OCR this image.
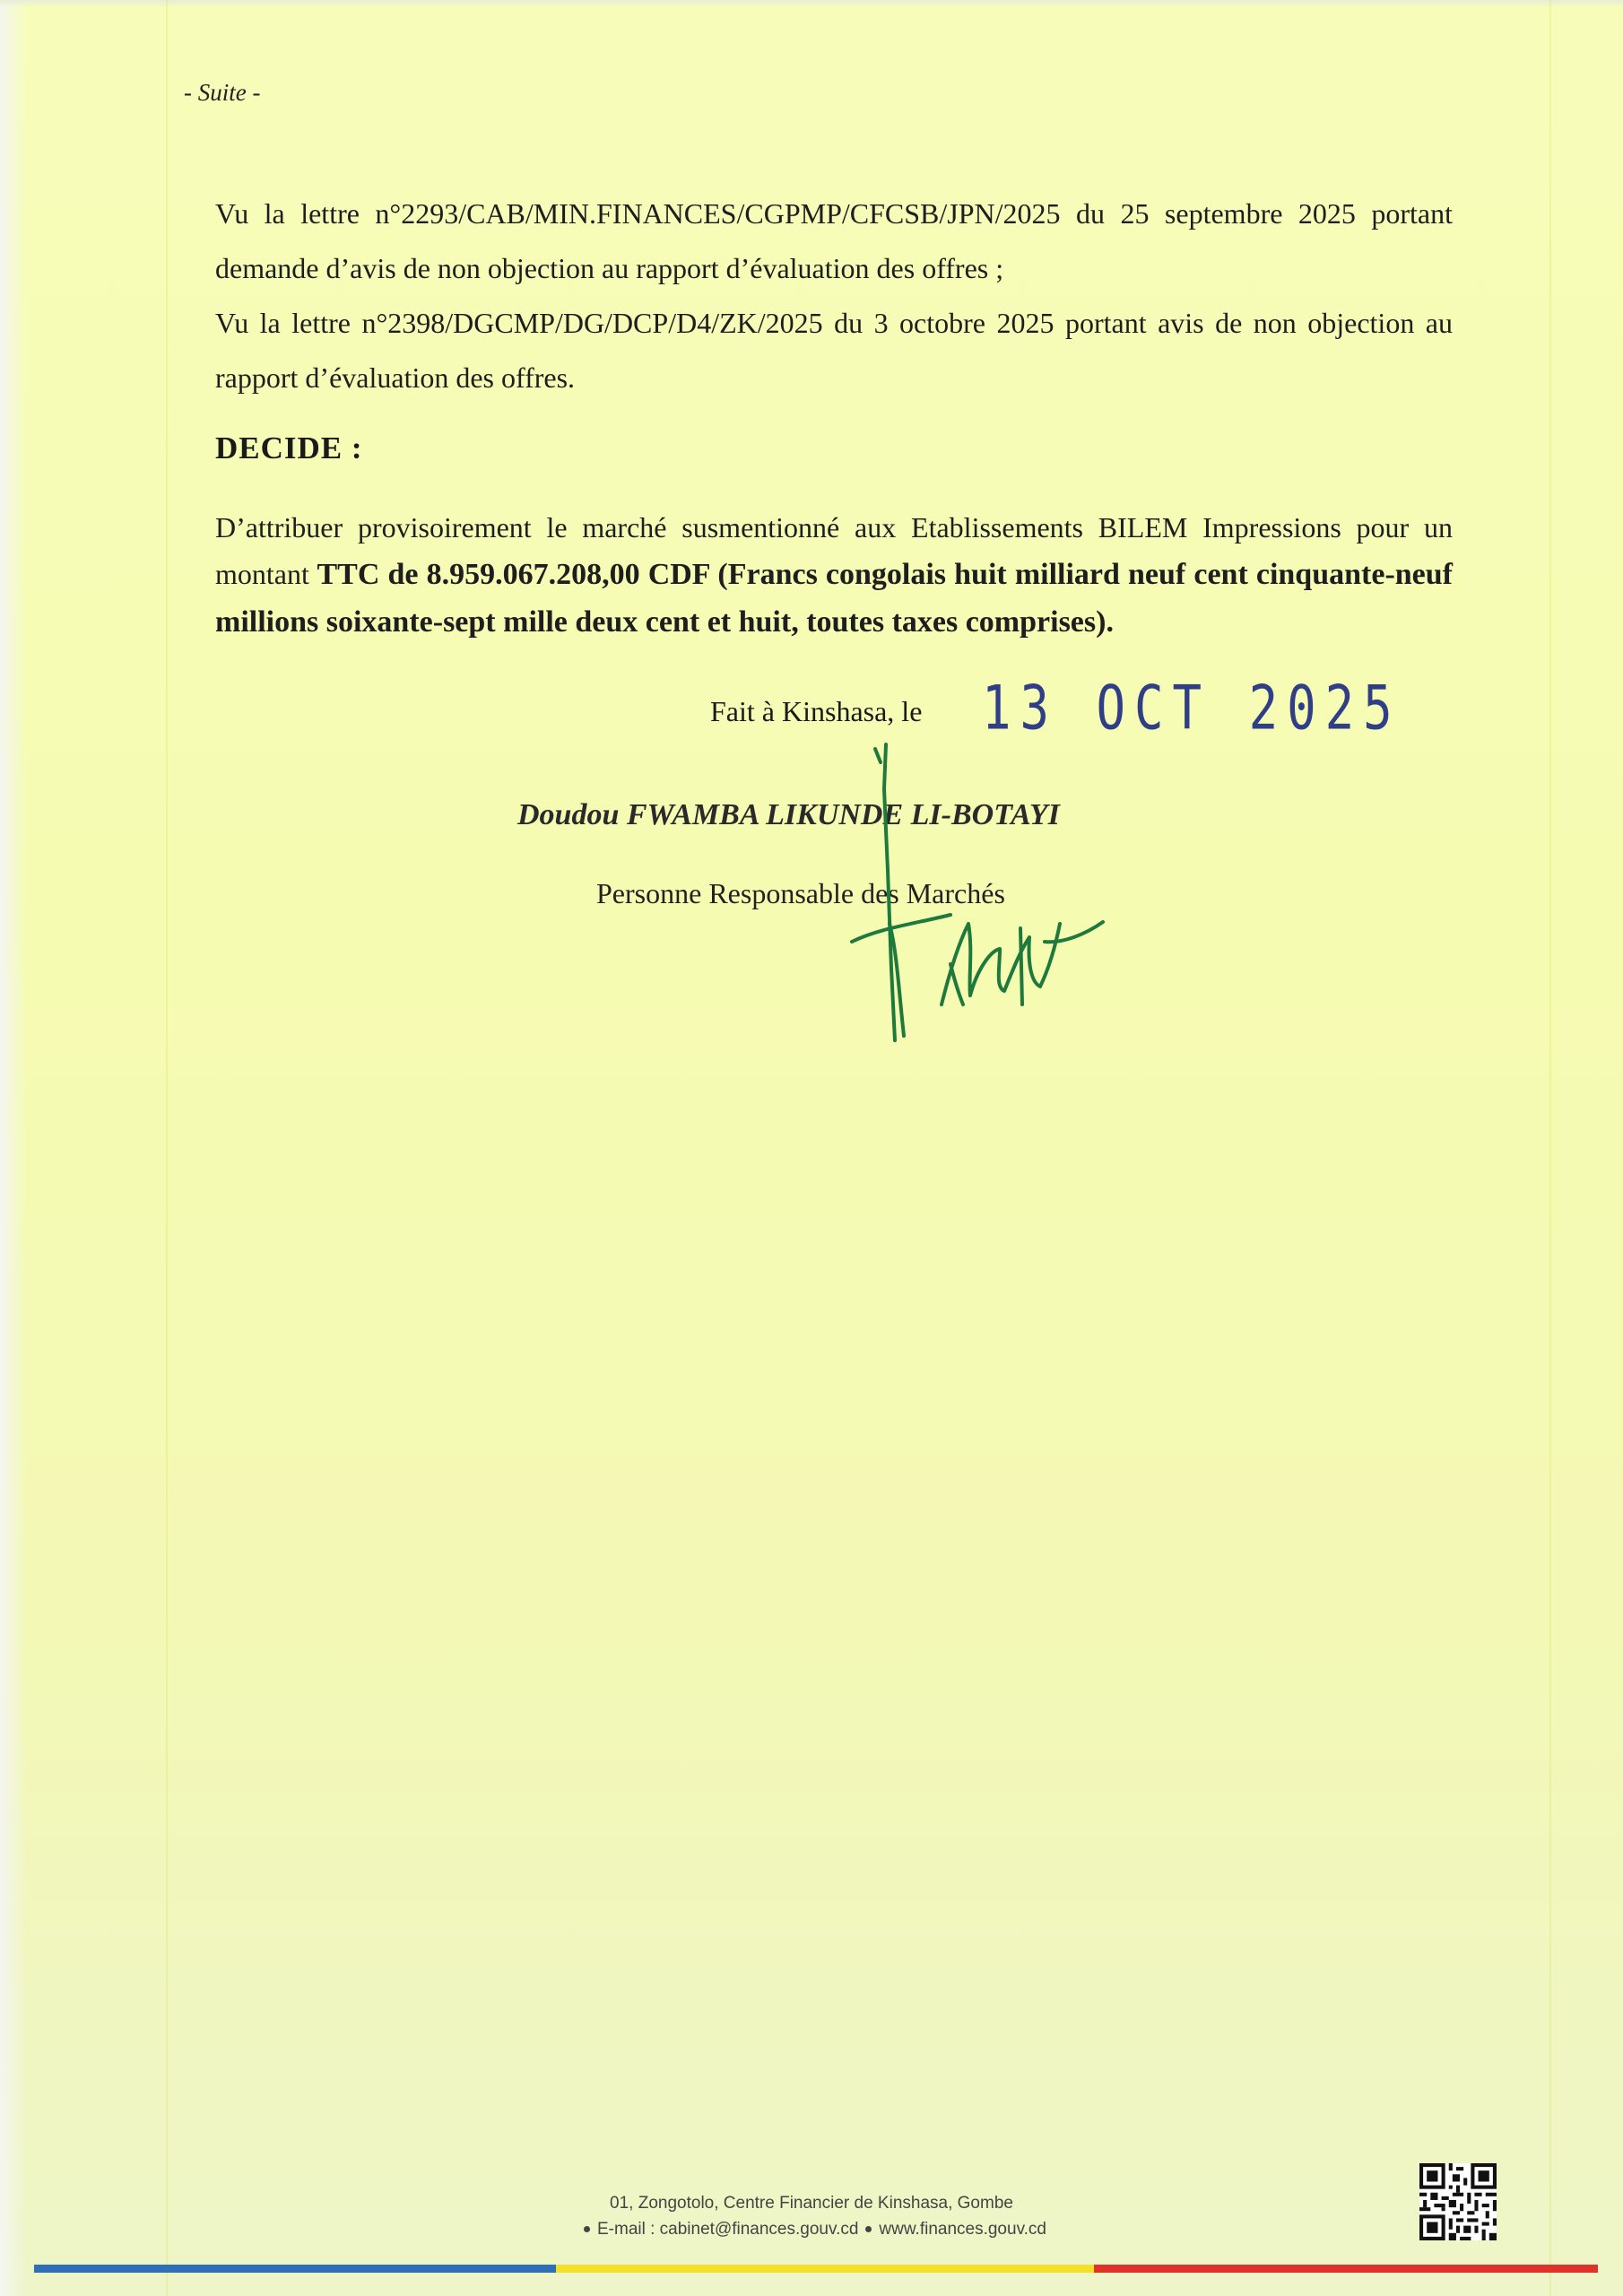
- Suite -
Vu la lettre n°2293/CAB/MIN.FINANCES/CGPMP/CFCSB/JPN/2025 du 25 septembre 2025 portant demande d’avis de non objection au rapport d’évaluation des offres ;
Vu la lettre n°2398/DGCMP/DG/DCP/D4/ZK/2025 du 3 octobre 2025 portant avis de non objection au rapport d’évaluation des offres.
DECIDE :
D’attribuer provisoirement le marché susmentionné aux Etablissements BILEM Impressions pour un montant TTC de 8.959.067.208,00 CDF (Francs congolais huit milliard neuf cent cinquante-neuf millions soixante-sept mille deux cent et huit, toutes taxes comprises).
Fait à Kinshasa, le 13 OCT 2025
Doudou FWAMBA LIKUNDE LI-BOTAYI
Personne Responsable des Marchés
01, Zongotolo, Centre Financier de Kinshasa, Gombe
E-mail : cabinet@finances.gouv.cd www.finances.gouv.cd
